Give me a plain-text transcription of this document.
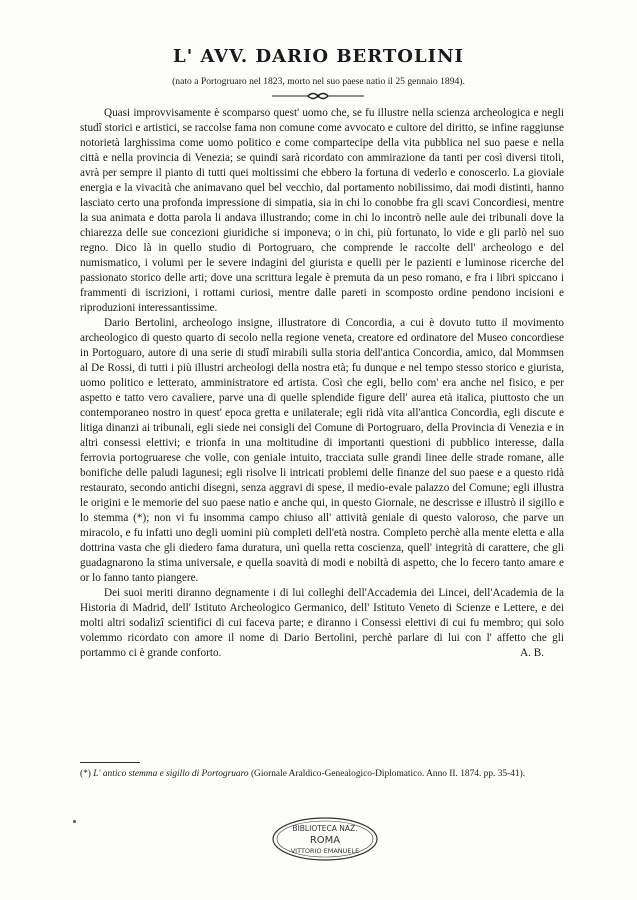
L' AVV. DARIO BERTOLINI
(nato a Portogruaro nel 1823, morto nel suo paese natio il 25 gennaio 1894).

Quasi improvvisamente è scomparso quest' uomo che, se fu illustre nella scienza archeologica e negli studî storici e artistici, se raccolse fama non comune come avvocato e cultore del diritto, se infine raggiunse notorietà larghissima come uomo politico e come compartecipe della vita pubblica nel suo paese e nella città e nella provincia di Venezia; se quindi sarà ricordato con ammirazione da tanti per così diversi titoli, avrà per sempre il pianto di tutti quei moltissimi che ebbero la fortuna di vederlo e conoscerlo. La gioviale energia e la vivacità che animavano quel bel vecchio, dal portamento nobilissimo, dai modi distinti, hanno lasciato certo una profonda impressione di simpatia, sia in chi lo conobbe fra gli scavi Concordiesi, mentre la sua animata e dotta parola li andava illustrando; come in chi lo incontrò nelle aule dei tribunali dove la chiarezza delle sue concezioni giuridiche si imponeva; o in chi, più fortunato, lo vide e gli parlò nel suo regno. Dico là in quello studio di Portogruaro, che comprende le raccolte dell' archeologo e del numismatico, i volumi per le severe indagini del giurista e quelli per le pazienti e luminose ricerche del passionato storico delle arti; dove una scrittura legale è premuta da un peso romano, e fra i libri spiccano i frammenti di iscrizioni, i rottami curiosi, mentre dalle pareti in scomposto ordine pendono incisioni e riproduzioni interessantissime.

Dario Bertolini, archeologo insigne, illustratore di Concordia, a cui è dovuto tutto il movimento archeologico di questo quarto di secolo nella regione veneta, creatore ed ordinatore del Museo concordiese in Portoguaro, autore di una serie di studî mirabili sulla storia dell'antica Concordia, amico, dal Mommsen al De Rossi, di tutti i più illustri archeologi della nostra età; fu dunque e nel tempo stesso storico e giurista, uomo politico e letterato, amministratore ed artista. Così che egli, bello com' era anche nel fisico, e per aspetto e tatto vero cavaliere, parve una di quelle splendide figure dell' aurea età italica, piuttosto che un contemporaneo nostro in quest' epoca gretta e unilaterale; egli ridà vita all'antica Concordia, egli discute e litiga dinanzi ai tribunali, egli siede nei consigli del Comune di Portogruaro, della Provincia di Venezia e in altri consessi elettivi; e trionfa in una moltitudine di importanti questioni di pubblico interesse, dalla ferrovia portogruarese che volle, con geniale intuito, tracciata sulle grandi linee delle strade romane, alle bonifiche delle paludi lagunesi; egli risolve li intricati problemi delle finanze del suo paese e a questo ridà restaurato, secondo antichi disegni, senza aggravi di spese, il medio-evale palazzo del Comune; egli illustra le origini e le memorie del suo paese natio e anche qui, in questo Giornale, ne descrisse e illustrò il sigillo e lo stemma (*); non vi fu insomma campo chiuso all' attività geniale di questo valoroso, che parve un miracolo, e fu infatti uno degli uomini più completi dell'età nostra. Completo perchè alla mente eletta e alla dottrina vasta che gli diedero fama duratura, unì quella retta coscienza, quell' integrità di carattere, che gli guadagnarono la stima universale, e quella soavità di modi e nobiltà di aspetto, che lo fecero tanto amare e or lo fanno tanto piangere.

Dei suoi meriti diranno degnamente i di lui colleghi dell'Accademia dei Lincei, dell'Academia de la Historia di Madrid, dell' Istituto Archeologico Germanico, dell' Istituto Veneto di Scienze e Lettere, e dei molti altri sodalizî scientifici di cui faceva parte; e diranno i Consessi elettivi di cui fu membro; qui solo volemmo ricordato con amore il nome di Dario Bertolini, perchè parlare di lui con l' affetto che gli portammo ci è grande conforto.	A. B.

(*) L' antico stemma e sigillo di Portogruaro (Giornale Araldico-Genealogico-Diplomatico. Anno II. 1874. pp. 35-41).
BIBLIOTECA NAZ.
ROMA
VITTORIO EMANUELE
